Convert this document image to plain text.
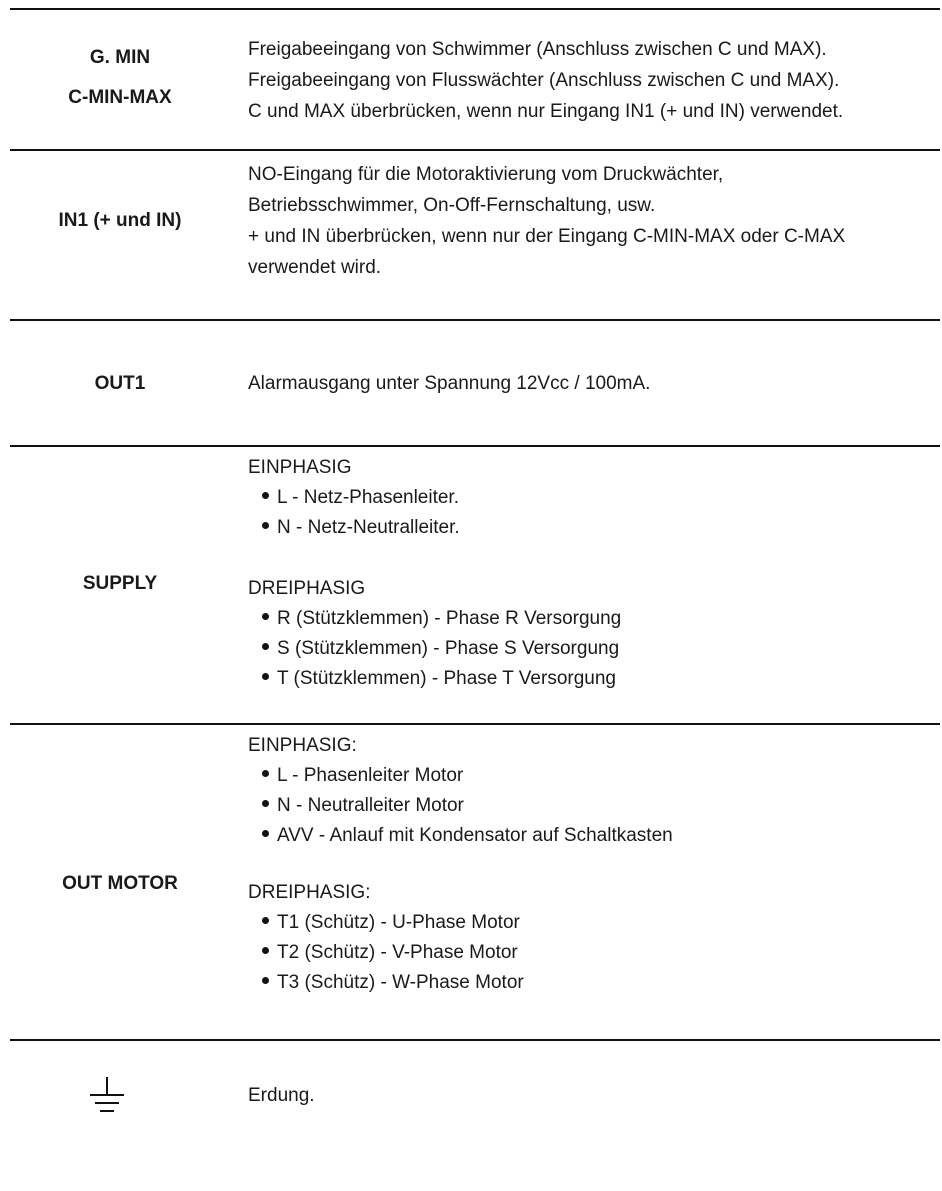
G. MIN
C-MIN-MAX
Freigabeeingang von Schwimmer (Anschluss zwischen C und MAX).
Freigabeeingang von Flusswächter (Anschluss zwischen C und MAX).
C und MAX überbrücken, wenn nur Eingang IN1 (+ und IN) verwendet.
IN1 (+ und IN)
NO-Eingang für die Motoraktivierung vom Druckwächter,
Betriebsschwimmer, On-Off-Fernschaltung, usw.
+ und IN überbrücken, wenn nur der Eingang C-MIN-MAX oder C-MAX
verwendet wird.
OUT1	Alarmausgang unter Spannung 12Vcc / 100mA.
SUPPLY
EINPHASIG
L - Netz-Phasenleiter.
N - Netz-Neutralleiter.
DREIPHASIG
R (Stützklemmen) - Phase R Versorgung
S (Stützklemmen) - Phase S Versorgung
T (Stützklemmen) - Phase T Versorgung
OUT MOTOR
EINPHASIG:
L - Phasenleiter Motor
N - Neutralleiter Motor
AVV - Anlauf mit Kondensator auf Schaltkasten
DREIPHASIG:
T1 (Schütz) - U-Phase Motor
T2 (Schütz) - V-Phase Motor
T3 (Schütz) - W-Phase Motor
Erdung.
